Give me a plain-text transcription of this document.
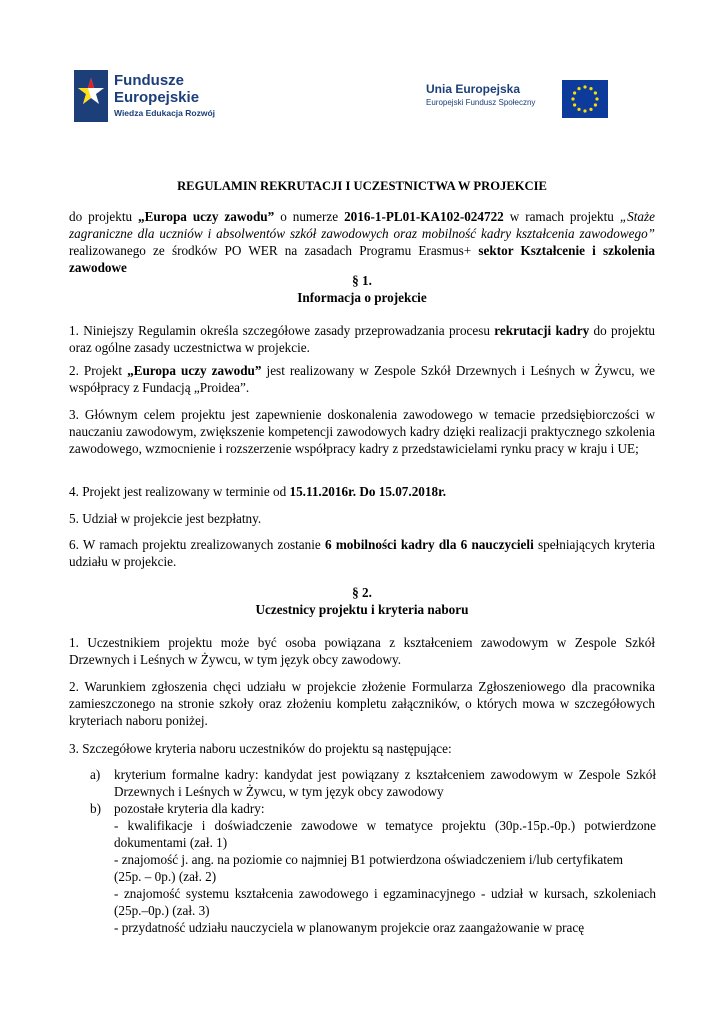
Fundusze
Europejskie
Wiedza Edukacja Rozwój
Unia Europejska
Europejski Fundusz Społeczny
REGULAMIN REKRUTACJI I UCZESTNICTWA W PROJEKCIE
do projektu „Europa uczy zawodu” o numerze 2016-1-PL01-KA102-024722 w ramach projektu „Staże zagraniczne dla uczniów i absolwentów szkół zawodowych oraz mobilność kadry kształcenia zawodowego” realizowanego ze środków PO WER na zasadach Programu Erasmus+ sektor Kształcenie i szkolenia zawodowe
§ 1.
Informacja o projekcie
1. Niniejszy Regulamin określa szczegółowe zasady przeprowadzania procesu rekrutacji kadry do projektu oraz ogólne zasady uczestnictwa w projekcie.
2. Projekt „Europa uczy zawodu” jest realizowany w Zespole Szkół Drzewnych i Leśnych w Żywcu, we współpracy z Fundacją „Proidea”.
3. Głównym celem projektu jest zapewnienie doskonalenia zawodowego w temacie przedsiębiorczości w nauczaniu zawodowym, zwiększenie kompetencji zawodowych kadry dzięki realizacji praktycznego szkolenia zawodowego, wzmocnienie i rozszerzenie współpracy kadry z przedstawicielami rynku pracy w kraju i UE;
4. Projekt jest realizowany w terminie od 15.11.2016r. Do 15.07.2018r.
5. Udział w projekcie jest bezpłatny.
6. W ramach projektu zrealizowanych zostanie 6 mobilności kadry dla 6 nauczycieli spełniających kryteria udziału w projekcie.
§ 2.
Uczestnicy projektu i kryteria naboru
1. Uczestnikiem projektu może być osoba powiązana z kształceniem zawodowym w Zespole Szkół Drzewnych i Leśnych w Żywcu, w tym język obcy zawodowy.
2. Warunkiem zgłoszenia chęci udziału w projekcie złożenie Formularza Zgłoszeniowego dla pracownika zamieszczonego na stronie szkoły oraz złożeniu kompletu załączników, o których mowa w szczegółowych kryteriach naboru poniżej.
3. Szczegółowe kryteria naboru uczestników do projektu są następujące:
a) kryterium formalne kadry: kandydat jest powiązany z kształceniem zawodowym w Zespole Szkół Drzewnych i Leśnych w Żywcu, w tym język obcy zawodowy
b) pozostałe kryteria dla kadry:
- kwalifikacje i doświadczenie zawodowe w tematyce projektu (30p.-15p.-0p.) potwierdzone dokumentami (zał. 1)
- znajomość j. ang. na poziomie co najmniej B1 potwierdzona oświadczeniem i/lub certyfikatem
(25p. – 0p.) (zał. 2)
- znajomość systemu kształcenia zawodowego i egzaminacyjnego - udział w kursach, szkoleniach (25p.–0p.) (zał. 3)
- przydatność udziału nauczyciela w planowanym projekcie oraz zaangażowanie w pracę
